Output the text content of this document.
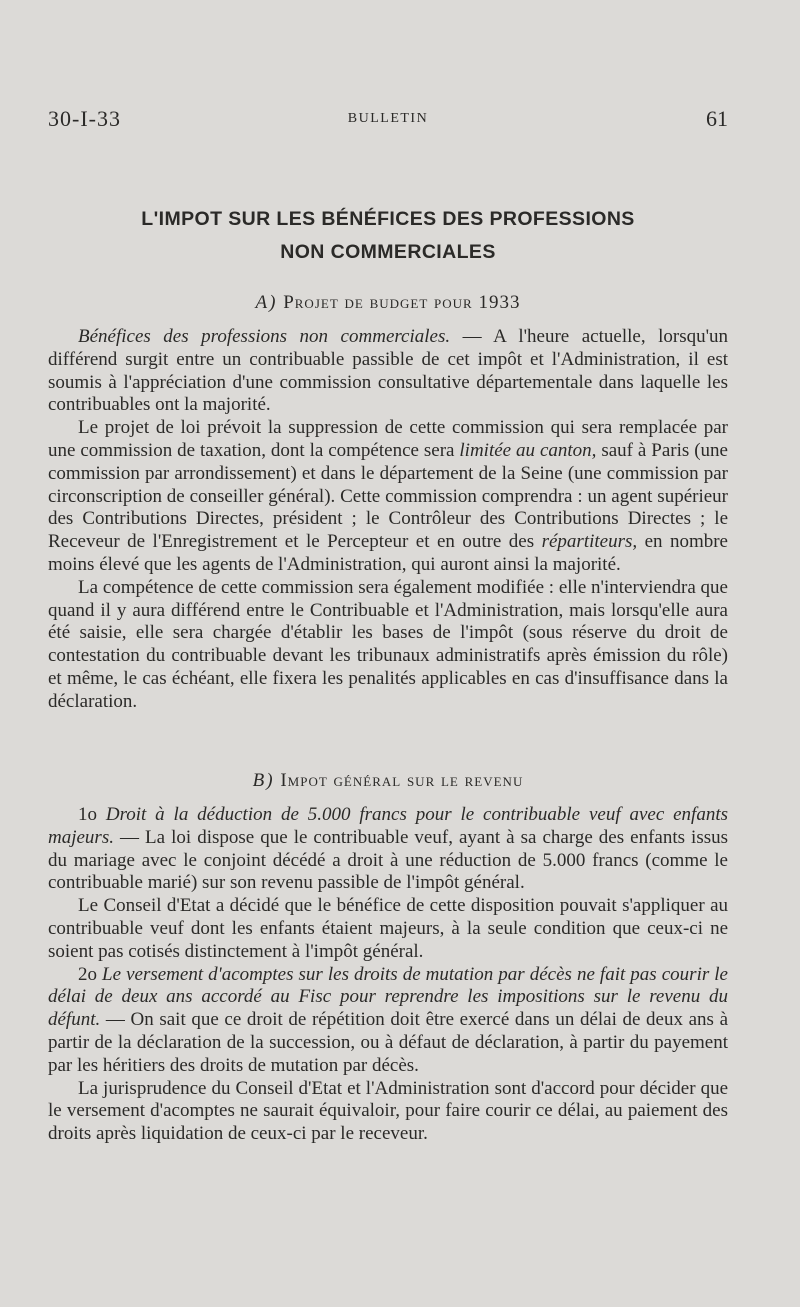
30-I-33	BULLETIN	61
L'IMPOT SUR LES BÉNÉFICES DES PROFESSIONS
NON COMMERCIALES
A) Projet de budget pour 1933

Bénéfices des professions non commerciales. — A l'heure actuelle, lorsqu'un différend surgit entre un contribuable passible de cet impôt et l'Administration, il est soumis à l'appréciation d'une commission consultative départementale dans laquelle les contribuables ont la majorité.

Le projet de loi prévoit la suppression de cette commission qui sera remplacée par une commission de taxation, dont la compétence sera limitée au canton, sauf à Paris (une commission par arrondissement) et dans le département de la Seine (une commission par circonscription de conseiller général). Cette commission comprendra : un agent supérieur des Contributions Directes, président ; le Contrôleur des Contributions Directes ; le Receveur de l'Enregistrement et le Percepteur et en outre des répartiteurs, en nombre moins élevé que les agents de l'Administration, qui auront ainsi la majorité.

La compétence de cette commission sera également modifiée : elle n'interviendra que quand il y aura différend entre le Contribuable et l'Administration, mais lorsqu'elle aura été saisie, elle sera chargée d'établir les bases de l'impôt (sous réserve du droit de contestation du contribuable devant les tribunaux administratifs après émission du rôle) et même, le cas échéant, elle fixera les penalités applicables en cas d'insuffisance dans la déclaration.

B) Impot général sur le revenu

1o Droit à la déduction de 5.000 francs pour le contribuable veuf avec enfants majeurs. — La loi dispose que le contribuable veuf, ayant à sa charge des enfants issus du mariage avec le conjoint décédé a droit à une réduction de 5.000 francs (comme le contribuable marié) sur son revenu passible de l'impôt général.

Le Conseil d'Etat a décidé que le bénéfice de cette disposition pouvait s'appliquer au contribuable veuf dont les enfants étaient majeurs, à la seule condition que ceux-ci ne soient pas cotisés distinctement à l'impôt général.

2o Le versement d'acomptes sur les droits de mutation par décès ne fait pas courir le délai de deux ans accordé au Fisc pour reprendre les impositions sur le revenu du défunt. — On sait que ce droit de répétition doit être exercé dans un délai de deux ans à partir de la déclaration de la succession, ou à défaut de déclaration, à partir du payement par les héritiers des droits de mutation par décès.

La jurisprudence du Conseil d'Etat et l'Administration sont d'accord pour décider que le versement d'acomptes ne saurait équivaloir, pour faire courir ce délai, au paiement des droits après liquidation de ceux-ci par le receveur.
